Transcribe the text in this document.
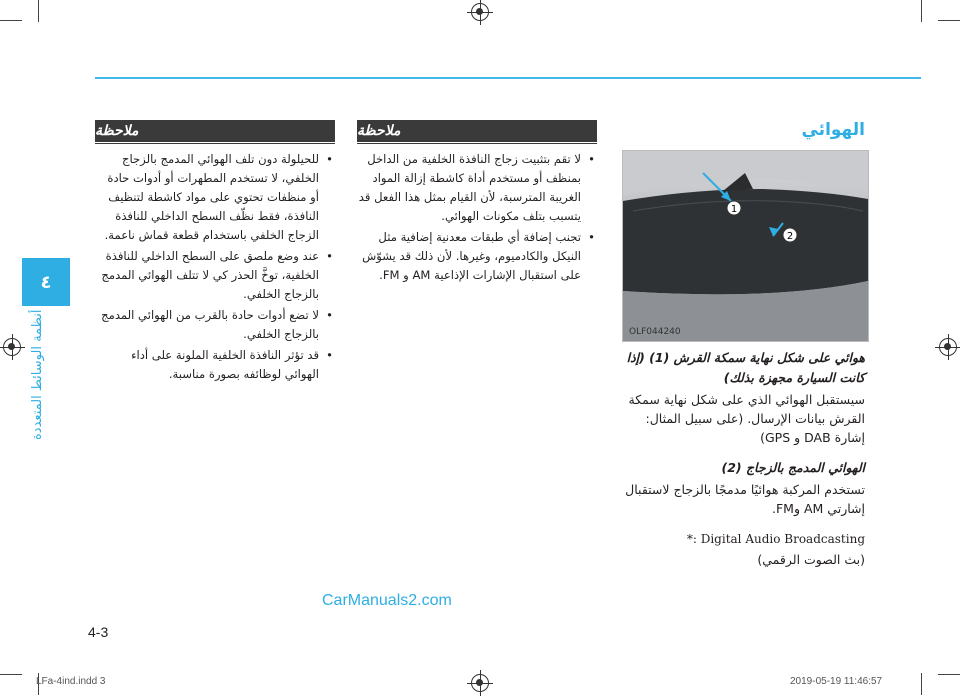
٤
أنظمة الوسائط المتعددة
ملاحظة
• للحيلولة دون تلف الهوائي المدمج بالزجاج الخلفي، لا تستخدم المطهرات أو أدوات حادة أو منظفات تحتوي على مواد كاشطة لتنظيف النافذة، فقط نظّف السطح الداخلي للنافذة الزجاج الخلفي باستخدام قطعة قماش ناعمة.
• عند وضع ملصق على السطح الداخلي للنافذة الخلفية، توخَّ الحذر كي لا تتلف الهوائي المدمج بالزجاج الخلفي.
• لا تضع أدوات حادة بالقرب من الهوائي المدمج بالزجاج الخلفي.
• قد تؤثر النافذة الخلفية الملونة على أداء الهوائي لوظائفه بصورة مناسبة.
ملاحظة
• لا تقم بتثبيت زجاج النافذة الخلفية من الداخل بمنظف أو مستخدم أداة كاشطة إزالة المواد الغريبة المترسبة، لأن القيام بمثل هذا الفعل قد يتسبب بتلف مكونات الهوائي.
• تجنب إضافة أي طبقات معدنية إضافية مثل النيكل والكادميوم، وغيرها. لأن ذلك قد يشوّش على استقبال الإشارات الإذاعية AM و FM.
الهوائي
1
2
OLF044240
هوائي على شكل نهاية سمكة القرش (1) (إذا كانت السيارة مجهزة بذلك)
سيستقبل الهوائي الذي على شكل نهاية سمكة القرش بيانات الإرسال. (على سبيل المثال: إشارة DAB و GPS)
الهوائي المدمج بالزجاج (2)
تستخدم المركبة هوائيًا مدمجًا بالزجاج لاستقبال إشارتي AM وFM.
*: Digital Audio Broadcasting
(بث الصوت الرقمي)
CarManuals2.com
4-3
LFa-4ind.indd 3	2019-05-19 11:46:57
